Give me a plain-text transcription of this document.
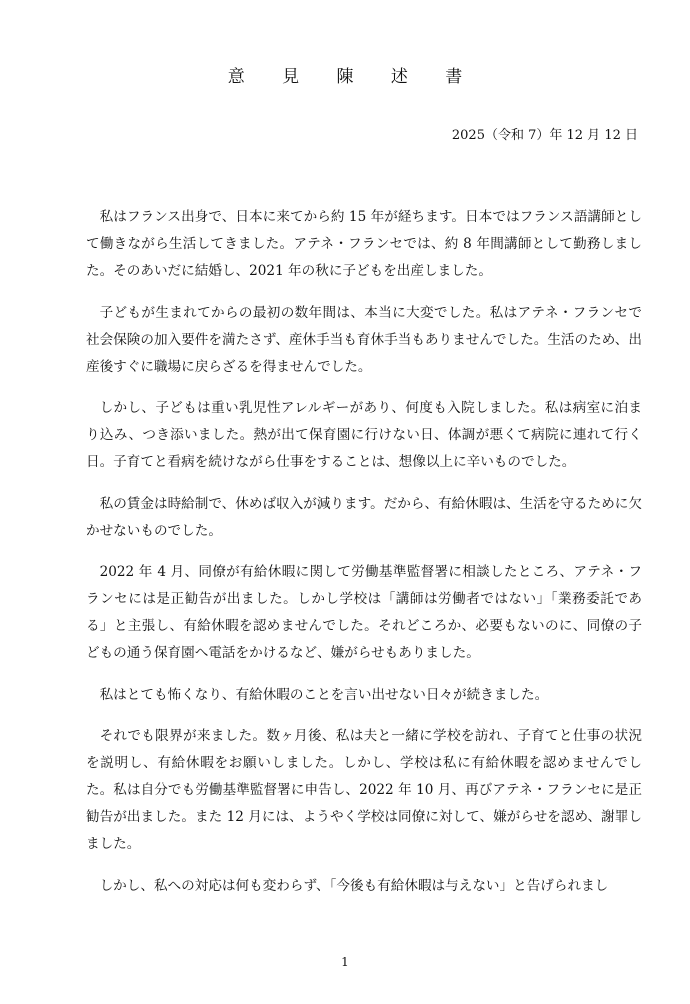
意 見 陳 述 書
2025（令和 7）年 12 月 12 日

私はフランス出身で、日本に来てから約 15 年が経ちます。日本ではフランス語講師として働きながら生活してきました。アテネ・フランセでは、約 8 年間講師として勤務しました。そのあいだに結婚し、2021 年の秋に子どもを出産しました。

子どもが生まれてからの最初の数年間は、本当に大変でした。私はアテネ・フランセで社会保険の加入要件を満たさず、産休手当も育休手当もありませんでした。生活のため、出産後すぐに職場に戻らざるを得ませんでした。

しかし、子どもは重い乳児性アレルギーがあり、何度も入院しました。私は病室に泊まり込み、つき添いました。熱が出て保育園に行けない日、体調が悪くて病院に連れて行く日。子育てと看病を続けながら仕事をすることは、想像以上に辛いものでした。

私の賃金は時給制で、休めば収入が減ります。だから、有給休暇は、生活を守るために欠かせないものでした。

2022 年 4 月、同僚が有給休暇に関して労働基準監督署に相談したところ、アテネ・フランセには是正勧告が出ました。しかし学校は「講師は労働者ではない」「業務委託である」と主張し、有給休暇を認めませんでした。それどころか、必要もないのに、同僚の子どもの通う保育園へ電話をかけるなど、嫌がらせもありました。

私はとても怖くなり、有給休暇のことを言い出せない日々が続きました。

それでも限界が来ました。数ヶ月後、私は夫と一緒に学校を訪れ、子育てと仕事の状況を説明し、有給休暇をお願いしました。しかし、学校は私に有給休暇を認めませんでした。私は自分でも労働基準監督署に申告し、2022 年 10 月、再びアテネ・フランセに是正勧告が出ました。また 12 月には、ようやく学校は同僚に対して、嫌がらせを認め、謝罪しました。

しかし、私への対応は何も変わらず、「今後も有給休暇は与えない」と告げられまし

1
